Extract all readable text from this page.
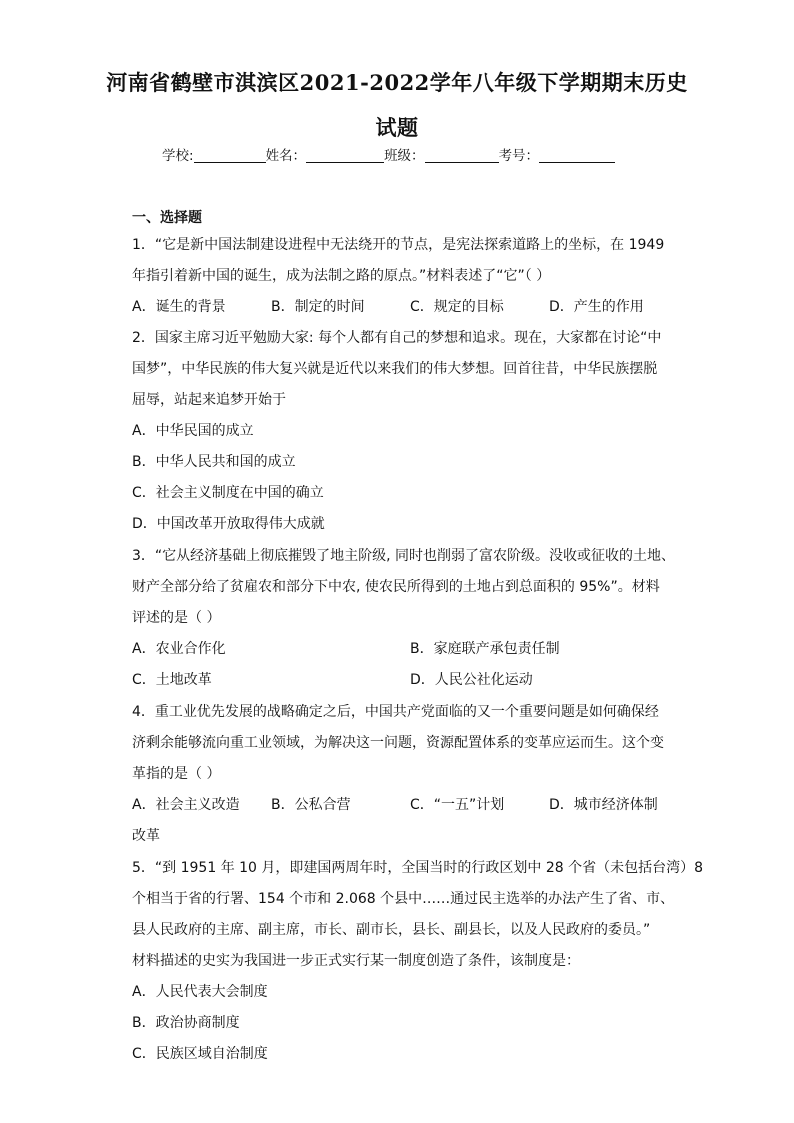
河南省鹤壁市淇滨区2021-2022学年八年级下学期期末历史
试题
学校:	姓名：	班级：	考号：
一、选择题
1．“它是新中国法制建设进程中无法绕开的节点，是宪法探索道路上的坐标，在 1949
年指引着新中国的诞生，成为法制之路的原点。”材料表述了“它”（ ）
A．诞生的背景	B．制定的时间	C．规定的目标	D．产生的作用
2．国家主席习近平勉励大家: 每个人都有自己的梦想和追求。现在，大家都在讨论“中
国梦”，中华民族的伟大复兴就是近代以来我们的伟大梦想。回首往昔，中华民族摆脱
屈辱，站起来追梦开始于
A．中华民国的成立
B．中华人民共和国的成立
C．社会主义制度在中国的确立
D．中国改革开放取得伟大成就
3．“它从经济基础上彻底摧毁了地主阶级, 同时也削弱了富农阶级。没收或征收的土地、
财产全部分给了贫雇农和部分下中农, 使农民所得到的土地占到总面积的 95%”。材料
评述的是（ ）
A．农业合作化	B．家庭联产承包责任制
C．土地改革	D．人民公社化运动
4．重工业优先发展的战略确定之后，中国共产党面临的又一个重要问题是如何确保经
济剩余能够流向重工业领域，为解决这一问题，资源配置体系的变革应运而生。这个变
革指的是（ ）
A．社会主义改造 B．公私合营	C．“一五”计划	D．城市经济体制
改革
5．“到 1951 年 10 月，即建国两周年时，全国当时的行政区划中 28 个省（未包括台湾）8
个相当于省的行署、154 个市和 2.068 个县中……通过民主选举的办法产生了省、市、
县人民政府的主席、副主席，市长、副市长，县长、副县长，以及人民政府的委员。”
材料描述的史实为我国进一步正式实行某一制度创造了条件，该制度是：
A．人民代表大会制度
B．政治协商制度
C．民族区域自治制度
